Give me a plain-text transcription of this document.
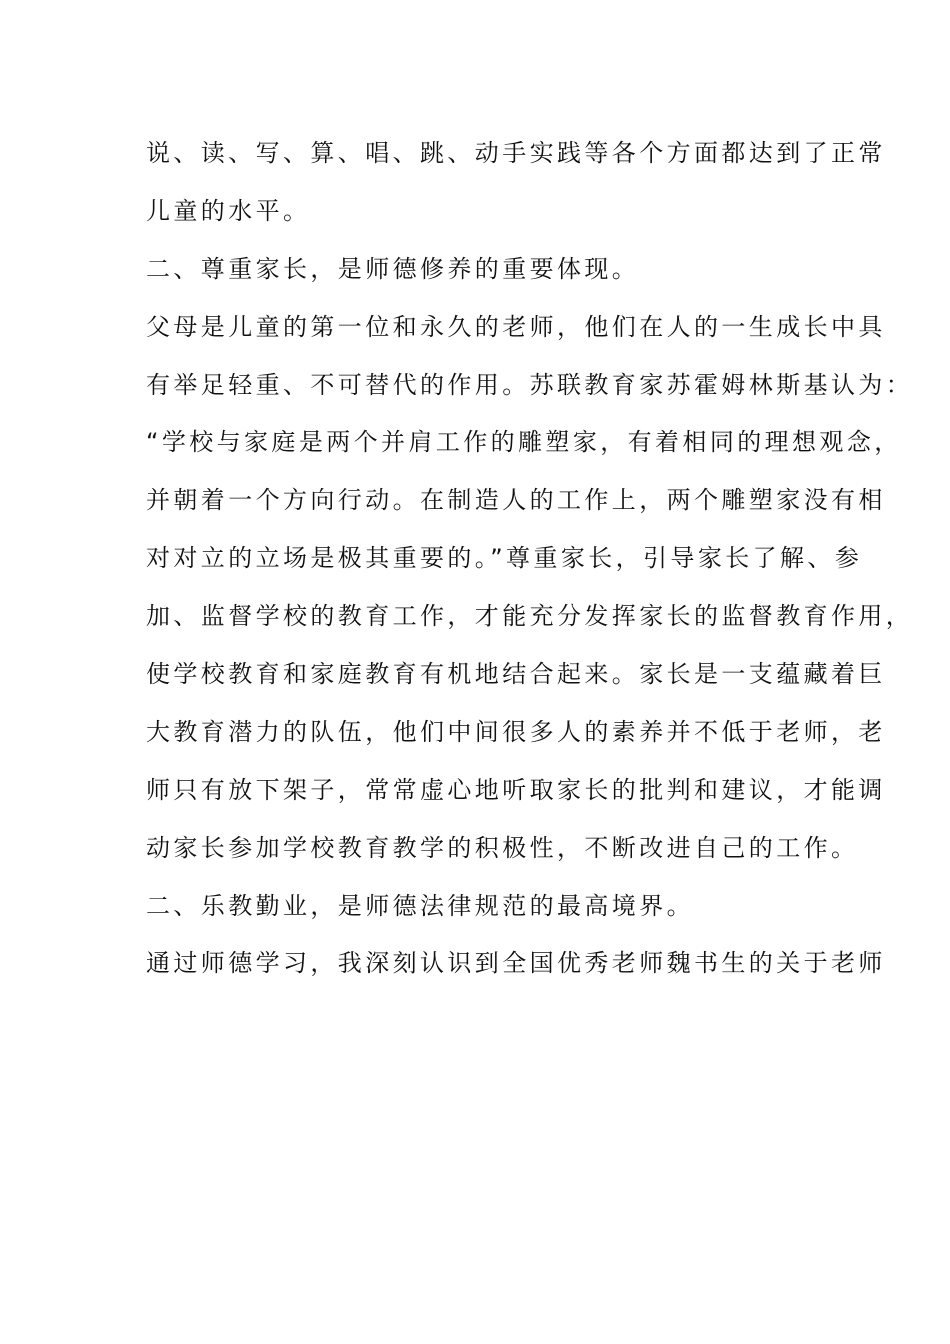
说、读、写、算、唱、跳、动手实践等各个方面都达到了正常
儿童的水平。
二、尊重家长，是师德修养的重要体现。
父母是儿童的第一位和永久的老师，他们在人的一生成长中具
有举足轻重、不可替代的作用。苏联教育家苏霍姆林斯基认为：
“学校与家庭是两个并肩工作的雕塑家，有着相同的理想观念，
并朝着一个方向行动。在制造人的工作上，两个雕塑家没有相
对对立的立场是极其重要的。”尊重家长，引导家长了解、参
加、监督学校的教育工作，才能充分发挥家长的监督教育作用，
使学校教育和家庭教育有机地结合起来。家长是一支蕴藏着巨
大教育潜力的队伍，他们中间很多人的素养并不低于老师，老
师只有放下架子，常常虚心地听取家长的批判和建议，才能调
动家长参加学校教育教学的积极性，不断改进自己的工作。
二、乐教勤业，是师德法律规范的最高境界。
通过师德学习，我深刻认识到全国优秀老师魏书生的关于老师
